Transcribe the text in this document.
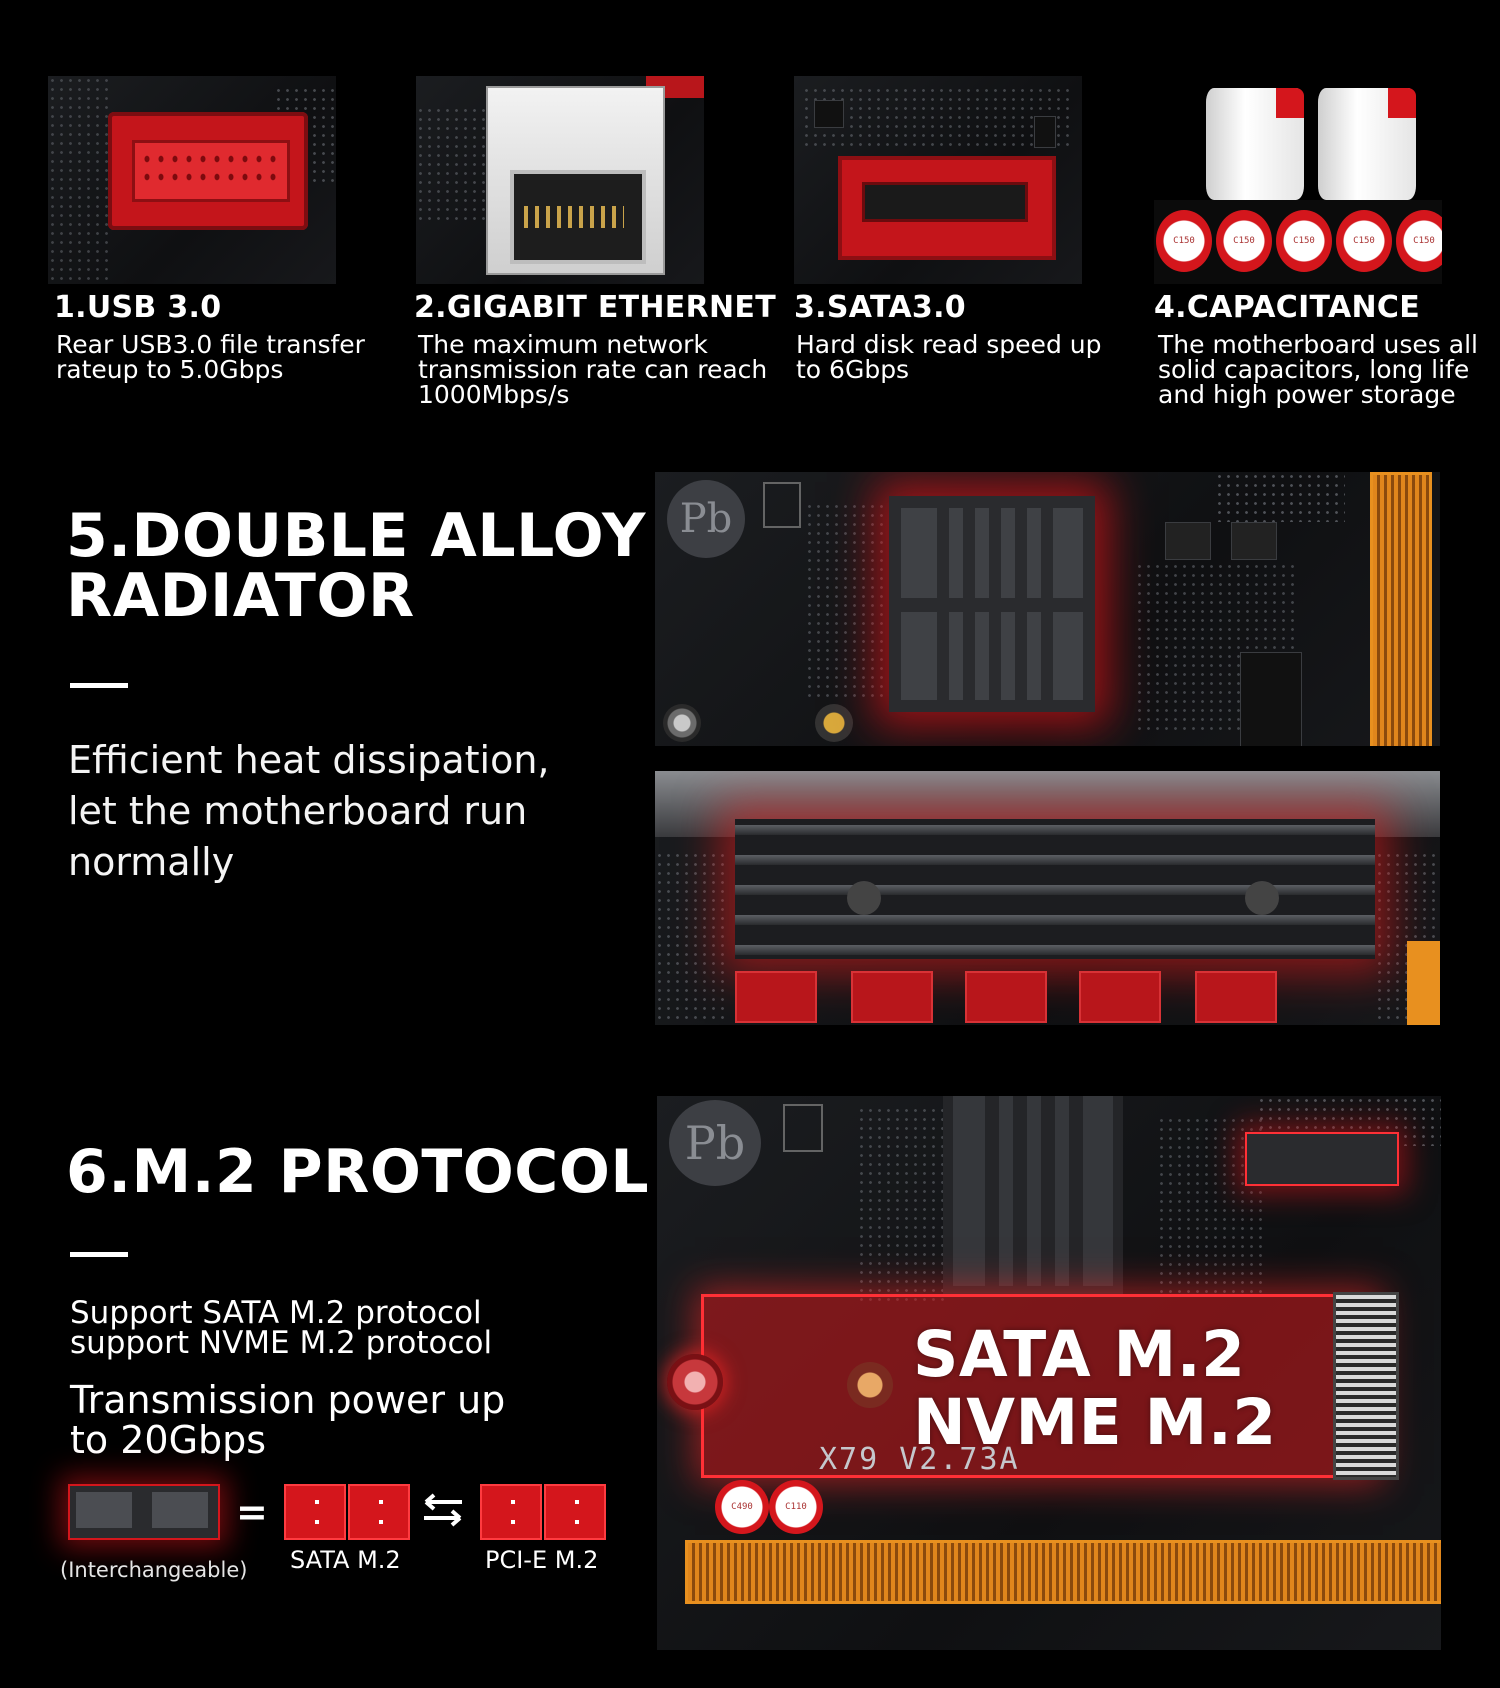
1.USB 3.0
Rear USB3.0 file transfer
rateup to 5.0Gbps
2.GIGABIT ETHERNET
The maximum network
transmission rate can reach
1000Mbps/s
3.SATA3.0
Hard disk read speed up
to 6Gbps
C150	C150	C150	C150	C150
4.CAPACITANCE
The motherboard uses all
solid capacitors, long life
and high power storage
5.DOUBLE ALLOY
RADIATOR
Efficient heat dissipation,
let the motherboard run
normally
Pb
6.M.2 PROTOCOL
Support SATA M.2 protocol
support NVME M.2 protocol
Transmission power up
to 20Gbps
=
(Interchangeable) SATA M.2	PCI-E M.2
Pb
SATA M.2
NVME M.2
X79 V2.73A
C490	C110
